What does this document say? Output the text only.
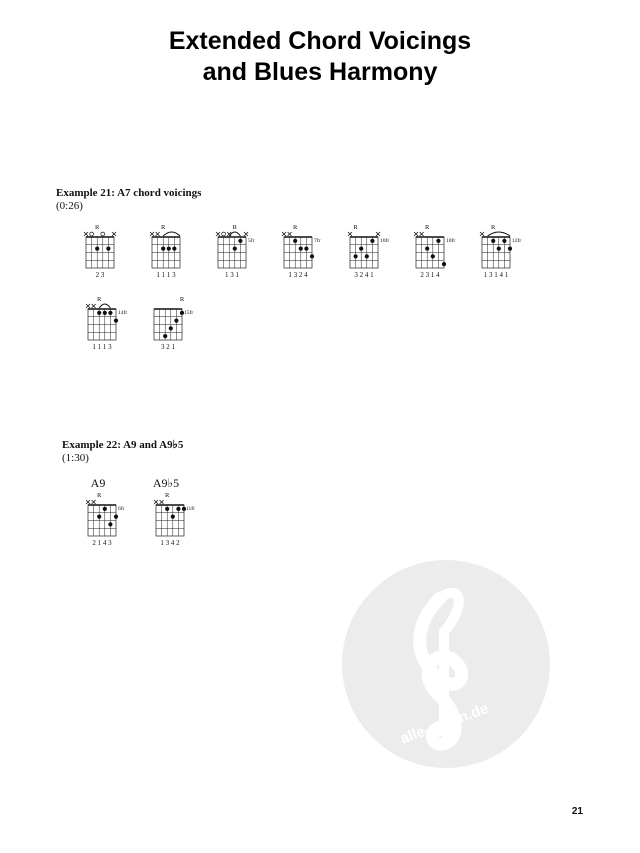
Extended Chord Voicings
and Blues Harmony
Example 21: A7 chord voicings
(0:26)
Example 22: A9 and A9♭5
(1:30)
alle-noten.de
R
2 3
R
1 1 1 3
R
5fr
1 3 1
R
7fr
1 3 2 4
R
10fr
3 2 4 1
R
10fr
2 3 1 4
R
12fr
1 3 1 4 1
R
14fr
1 1 1 3
R
15fr
3 2 1
A9
R
6fr
2 1 4 3
A9♭5
R
11fr
1 3 4 2
21
